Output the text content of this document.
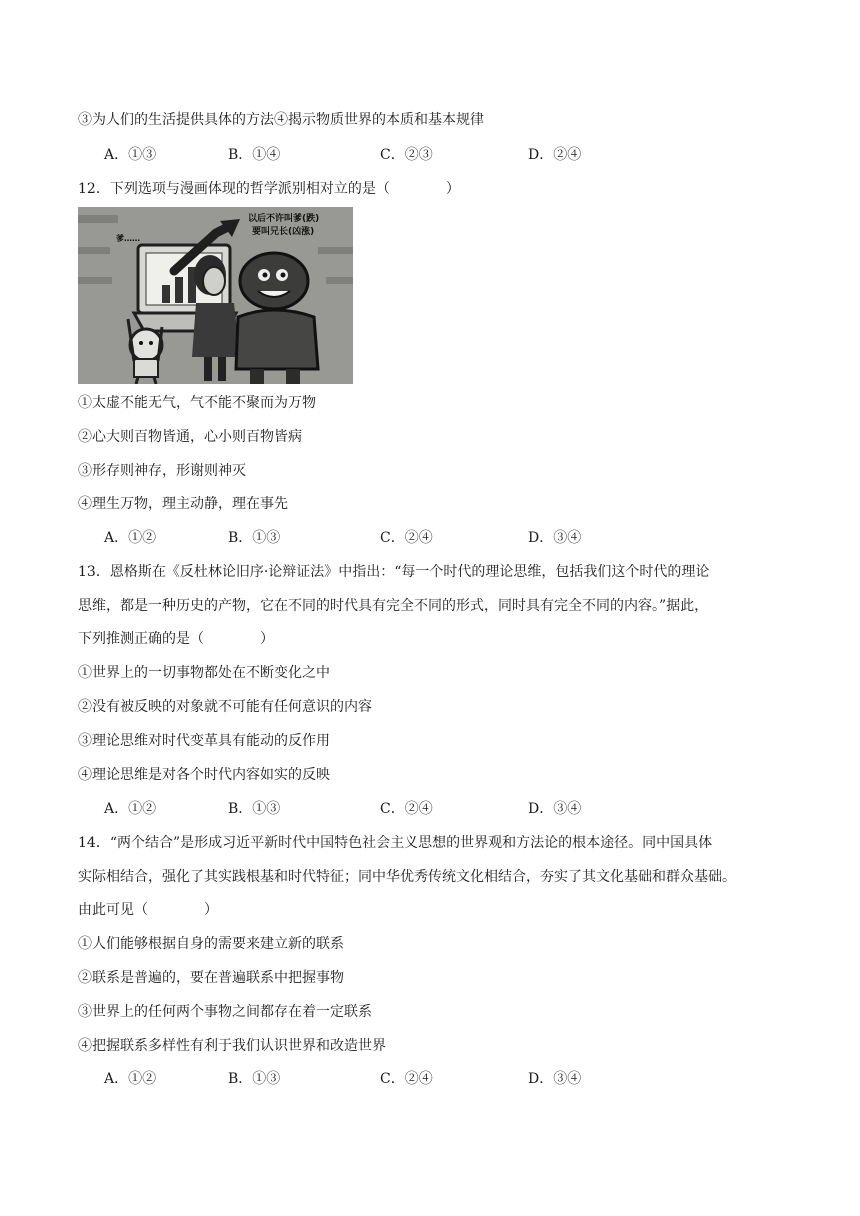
③为人们的生活提供具体的方法④揭示物质世界的本质和基本规律
A．①③	B．①④	C．②③	D．②④
12．下列选项与漫画体现的哲学派别相对立的是（　　　　）
以后不许叫爹(跌)
要叫兄长(凶涨)
爹……
①太虚不能无气，气不能不聚而为万物
②心大则百物皆通，心小则百物皆病
③形存则神存，形谢则神灭
④理生万物，理主动静，理在事先
A．①②	B．①③	C．②④	D．③④
13．恩格斯在《反杜林论旧序·论辩证法》中指出：“每一个时代的理论思维，包括我们这个时代的理论
思维，都是一种历史的产物，它在不同的时代具有完全不同的形式，同时具有完全不同的内容。”据此，
下列推测正确的是（　　　　）
①世界上的一切事物都处在不断变化之中
②没有被反映的对象就不可能有任何意识的内容
③理论思维对时代变革具有能动的反作用
④理论思维是对各个时代内容如实的反映
A．①②	B．①③	C．②④	D．③④
14．“两个结合”是形成习近平新时代中国特色社会主义思想的世界观和方法论的根本途径。同中国具体
实际相结合，强化了其实践根基和时代特征；同中华优秀传统文化相结合，夯实了其文化基础和群众基础。
由此可见（　　　　）
①人们能够根据自身的需要来建立新的联系
②联系是普遍的，要在普遍联系中把握事物
③世界上的任何两个事物之间都存在着一定联系
④把握联系多样性有利于我们认识世界和改造世界
A．①②	B．①③	C．②④	D．③④
